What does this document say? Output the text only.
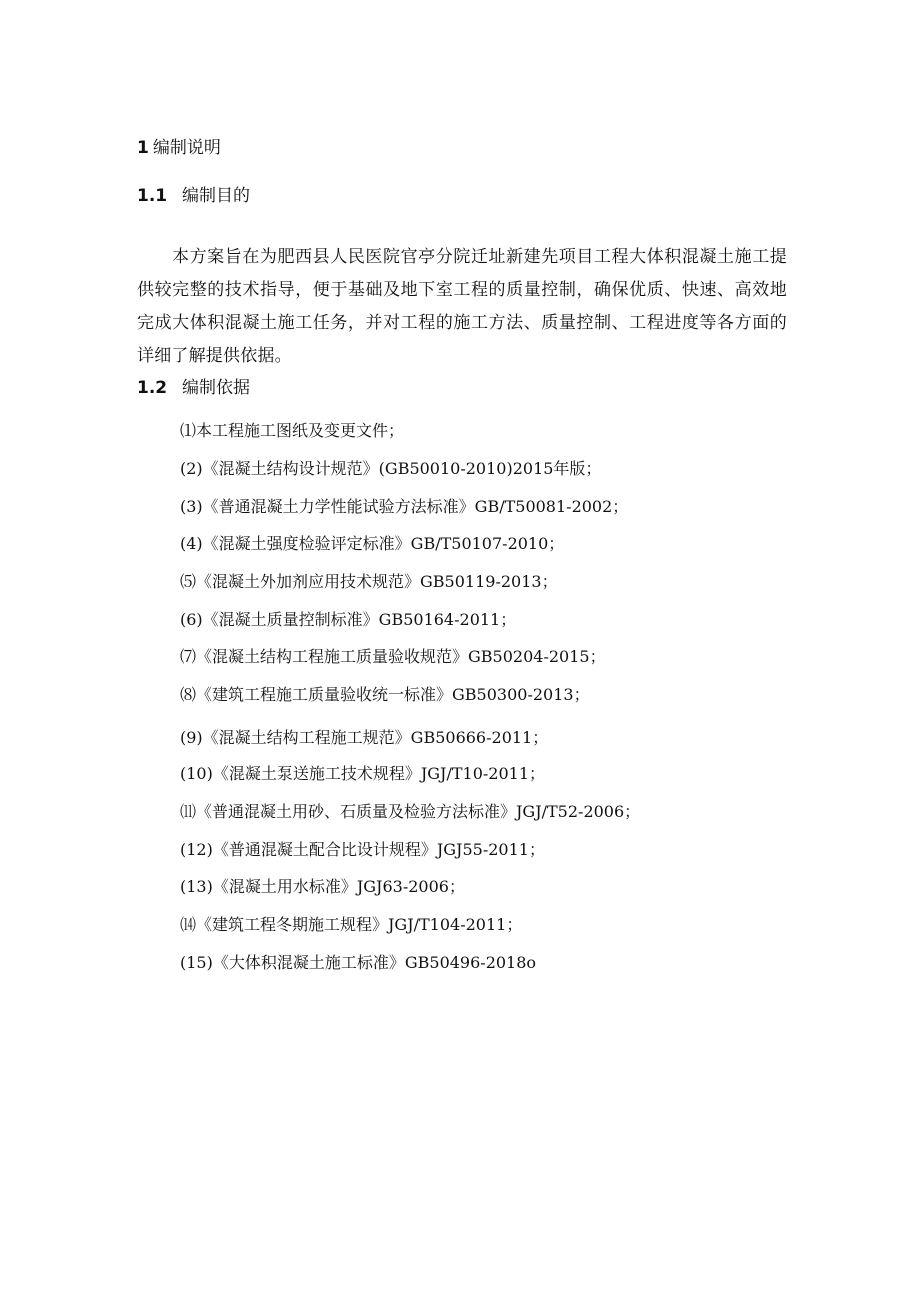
1 编制说明
1.1 编制目的

本方案旨在为肥西县人民医院官亭分院迁址新建先项目工程大体积混凝土施工提供较完整的技术指导，便于基础及地下室工程的质量控制，确保优质、快速、高效地完成大体积混凝土施工任务，并对工程的施工方法、质量控制、工程进度等各方面的详细了解提供依据。

1.2 编制依据
⑴本工程施工图纸及变更文件；
(2)《混凝土结构设计规范》(GB50010-2010)2015年版；
(3)《普通混凝土力学性能试验方法标准》GB/T50081-2002；
(4)《混凝土强度检验评定标准》GB/T50107-2010；
⑸《混凝土外加剂应用技术规范》GB50119-2013；
(6)《混凝土质量控制标准》GB50164-2011；
⑺《混凝土结构工程施工质量验收规范》GB50204-2015；
⑻《建筑工程施工质量验收统一标准》GB50300-2013；
(9)《混凝土结构工程施工规范》GB50666-2011；
(10)《混凝土泵送施工技术规程》JGJ/T10-2011；
⑾《普通混凝土用砂、石质量及检验方法标准》JGJ/T52-2006；
(12)《普通混凝土配合比设计规程》JGJ55-2011；
(13)《混凝土用水标准》JGJ63-2006；
⒁《建筑工程冬期施工规程》JGJ/T104-2011；
(15)《大体积混凝土施工标准》GB50496-2018o
